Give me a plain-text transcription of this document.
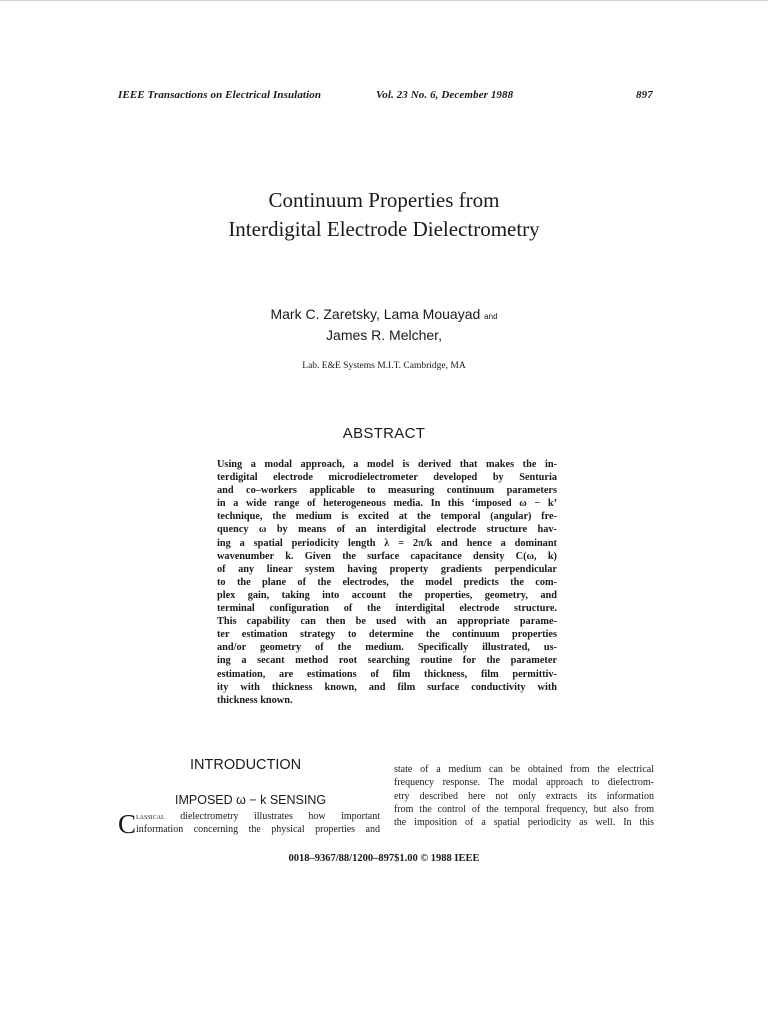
IEEE Transactions on Electrical Insulation	Vol. 23 No. 6, December 1988	897
Continuum Properties from
Interdigital Electrode Dielectrometry
Mark C. Zaretsky, Lama Mouayad and
James R. Melcher,
Lab. E&E Systems M.I.T. Cambridge, MA
ABSTRACT
Using a modal approach, a model is derived that makes the in-
terdigital electrode microdielectrometer developed by Senturia
and co–workers applicable to measuring continuum parameters
in a wide range of heterogeneous media. In this ‘imposed ω − k’
technique, the medium is excited at the temporal (angular) fre-
quency ω by means of an interdigital electrode structure hav-
ing a spatial periodicity length λ = 2π/k and hence a dominant
wavenumber k. Given the surface capacitance density C(ω, k)
of any linear system having property gradients perpendicular
to the plane of the electrodes, the model predicts the com-
plex gain, taking into account the properties, geometry, and
terminal configuration of the interdigital electrode structure.
This capability can then be used with an appropriate parame-
ter estimation strategy to determine the continuum properties
and/or geometry of the medium. Specifically illustrated, us-
ing a secant method root searching routine for the parameter
estimation, are estimations of film thickness, film permittiv-
ity with thickness known, and film surface conductivity with
thickness known.
INTRODUCTION
IMPOSED ω − k SENSING
C lassical dielectrometry illustrates how important
information concerning the physical properties and
state of a medium can be obtained from the electrical
frequency response. The modal approach to dielectrom-
etry described here not only extracts its information
from the control of the temporal frequency, but also from
the imposition of a spatial periodicity as well. In this
0018–9367/88/1200–897$1.00 © 1988 IEEE
